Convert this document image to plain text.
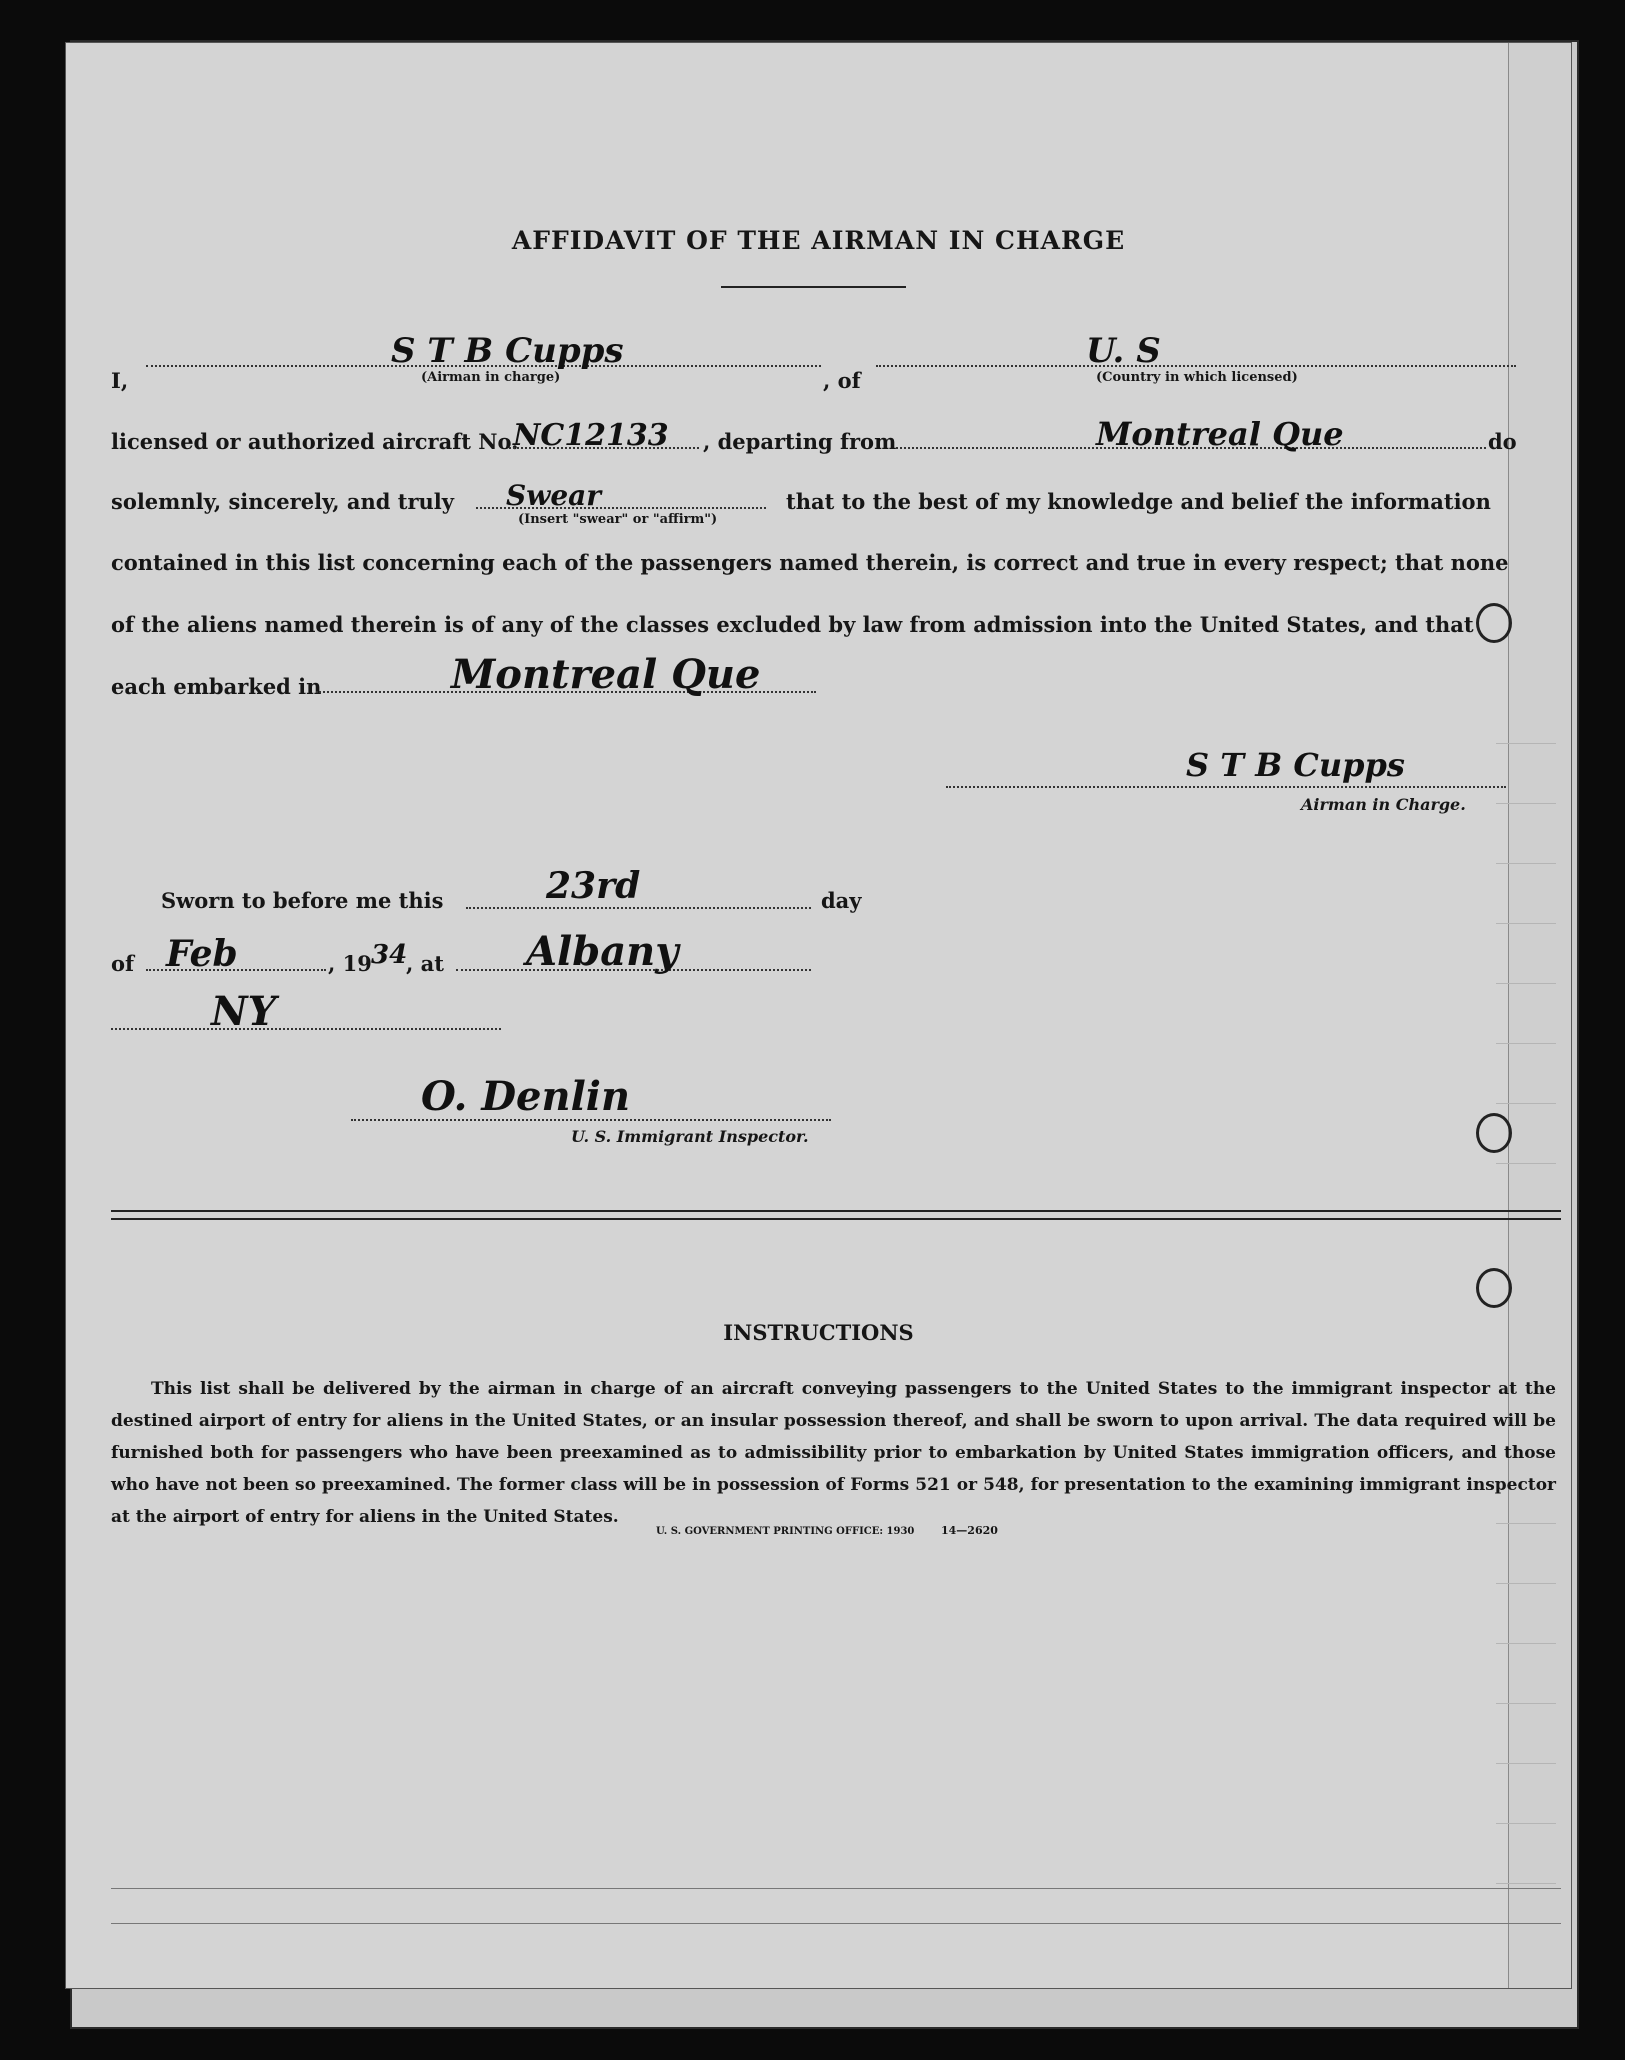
AFFIDAVIT OF THE AIRMAN IN CHARGE
I,
S T B Cupps
(Airman in charge)	, of
U. S
(Country in which licensed)
licensed or authorized aircraft No.
NC12133 , departing from	Montreal Que	do
solemnly, sincerely, and truly Swear
(Insert "swear" or "affirm")
that to the best of my knowledge and belief the information
contained in this list concerning each of the passengers named therein, is correct and true in every respect; that none
of the aliens named therein is of any of the classes excluded by law from admission into the United States, and that
each embarked in	Montreal Que
S T B Cupps
Airman in Charge.
Sworn to before me this	23rd	day
of Feb	, 19 34
, at Albany
NY
O. Denlin
U. S. Immigrant Inspector.
INSTRUCTIONS
This list shall be delivered by the airman in charge of an aircraft conveying passengers to the United States to the immigrant inspector at the destined airport of entry for aliens in the United States, or an insular possession thereof, and shall be sworn to upon arrival. The data required will be furnished both for passengers who have been preexamined as to admissibility prior to embarkation by United States immigration officers, and those who have not been so preexamined. The former class will be in possession of Forms 521 or 548, for presentation to the examining immigrant inspector at the airport of entry for aliens in the United States.
U. S. GOVERNMENT PRINTING OFFICE: 1930 14—2620
